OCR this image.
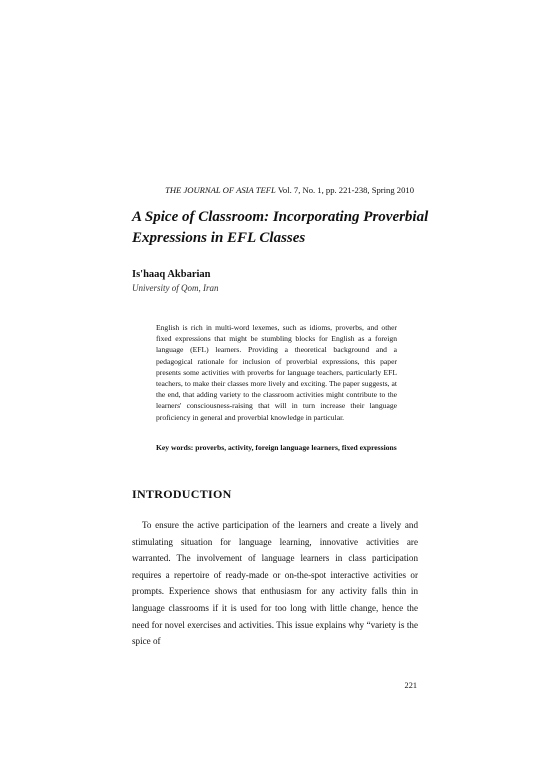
THE JOURNAL OF ASIA TEFL Vol. 7, No. 1, pp. 221-238, Spring 2010
A Spice of Classroom: Incorporating Proverbial Expressions in EFL Classes
Is'haaq Akbarian
University of Qom, Iran

English is rich in multi-word lexemes, such as idioms, proverbs, and other fixed expressions that might be stumbling blocks for English as a foreign language (EFL) learners. Providing a theoretical background and a pedagogical rationale for inclusion of proverbial expressions, this paper presents some activities with proverbs for language teachers, particularly EFL teachers, to make their classes more lively and exciting. The paper suggests, at the end, that adding variety to the classroom activities might contribute to the learners' consciousness-raising that will in turn increase their language proficiency in general and proverbial knowledge in particular.

Key words: proverbs, activity, foreign language learners, fixed expressions

INTRODUCTION

To ensure the active participation of the learners and create a lively and stimulating situation for language learning, innovative activities are warranted. The involvement of language learners in class participation requires a repertoire of ready-made or on-the-spot interactive activities or prompts. Experience shows that enthusiasm for any activity falls thin in language classrooms if it is used for too long with little change, hence the need for novel exercises and activities. This issue explains why “variety is the spice of

221
